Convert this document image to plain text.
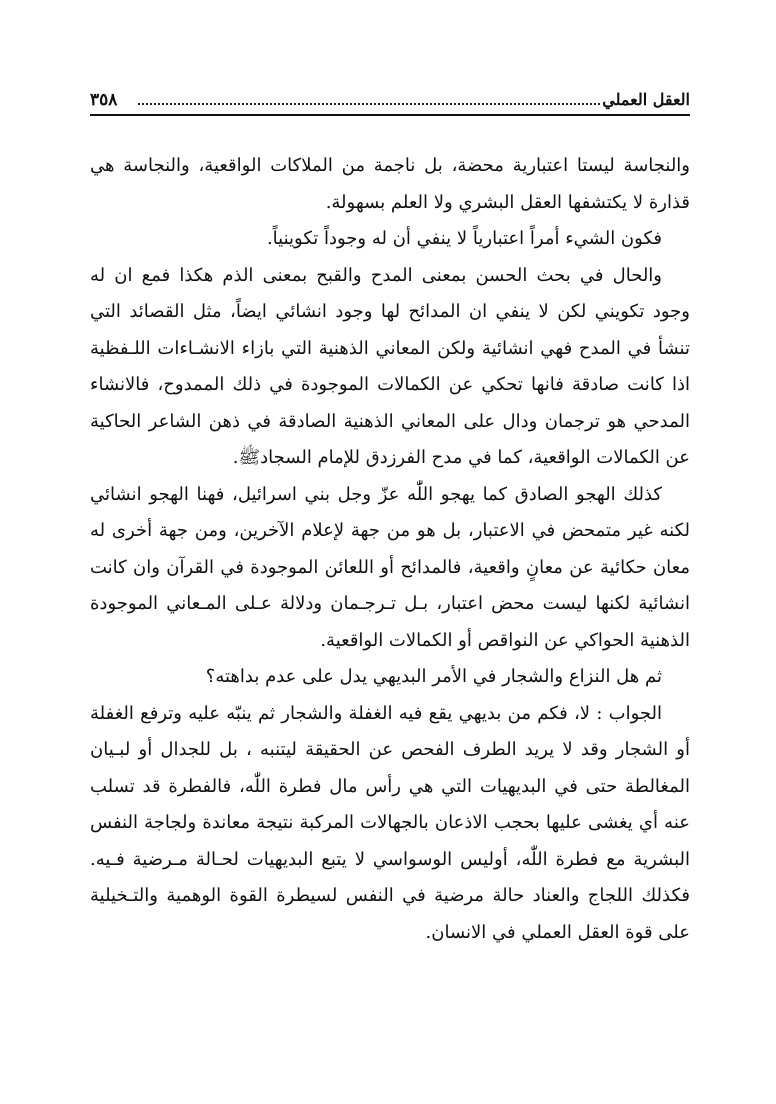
٣٥٨	العقل العملي

والنجاسة ليستا اعتبارية محضة، بل ناجمة من الملاكات الواقعية، والنجاسة هي قذارة لا يكتشفها العقل البشري ولا العلم بسهولة.

فكون الشيء أمراً اعتبارياً لا ينفي أن له وجوداً تكوينياً.

والحال في بحث الحسن بمعنى المدح والقبح بمعنى الذم هكذا فمع ان له وجود تكويني لكن لا ينفي ان المدائح لها وجود انشائي ايضاً، مثل القصائد التي تنشأ في المدح فهي انشائية ولكن المعاني الذهنية التي بازاء الانشـاءات اللـفظية اذا كانت صادقة فانها تحكي عن الكمالات الموجودة في ذلك الممدوح، فالانشاء المدحي هو ترجمان ودال على المعاني الذهنية الصادقة في ذهن الشاعر الحاكية عن الكمالات الواقعية، كما في مدح الفرزدق للإمام السجادﷺ.

كذلك الهجو الصادق كما يهجو اللّٰه عزّ وجل بني اسرائيل، فهنا الهجو انشائي لكنه غير متمحض في الاعتبار، بل هو من جهة لإعلام الآخرين، ومن جهة أخرى له معان حكائية عن معانٍ واقعية، فالمدائح أو اللعائن الموجودة في القرآن وان كانت انشائية لكنها ليست محض اعتبار، بـل تـرجـمان ودلالة عـلى المـعاني الموجودة الذهنية الحواكي عن النواقص أو الكمالات الواقعية.

ثم هل النزاع والشجار في الأمر البديهي يدل على عدم بداهته؟

الجواب : لا، فكم من بديهي يقع فيه الغفلة والشجار ثم ينبّه عليه وترفع الغفلة أو الشجار وقد لا يريد الطرف الفحص عن الحقيقة ليتنبه ، بل للجدال أو لبـيان المغالطة حتى في البديهيات التي هي رأس مال فطرة اللّٰه، فالفطرة قد تسلب عنه أي يغشى عليها بحجب الاذعان بالجهالات المركبة نتيجة معاندة ولجاجة النفس البشرية مع فطرة اللّٰه، أوليس الوسواسي لا يتبع البديهيات لحـالة مـرضية فـيه. فكذلك اللجاج والعناد حالة مرضية في النفس لسيطرة القوة الوهمية والتـخيلية على قوة العقل العملي في الانسان.
